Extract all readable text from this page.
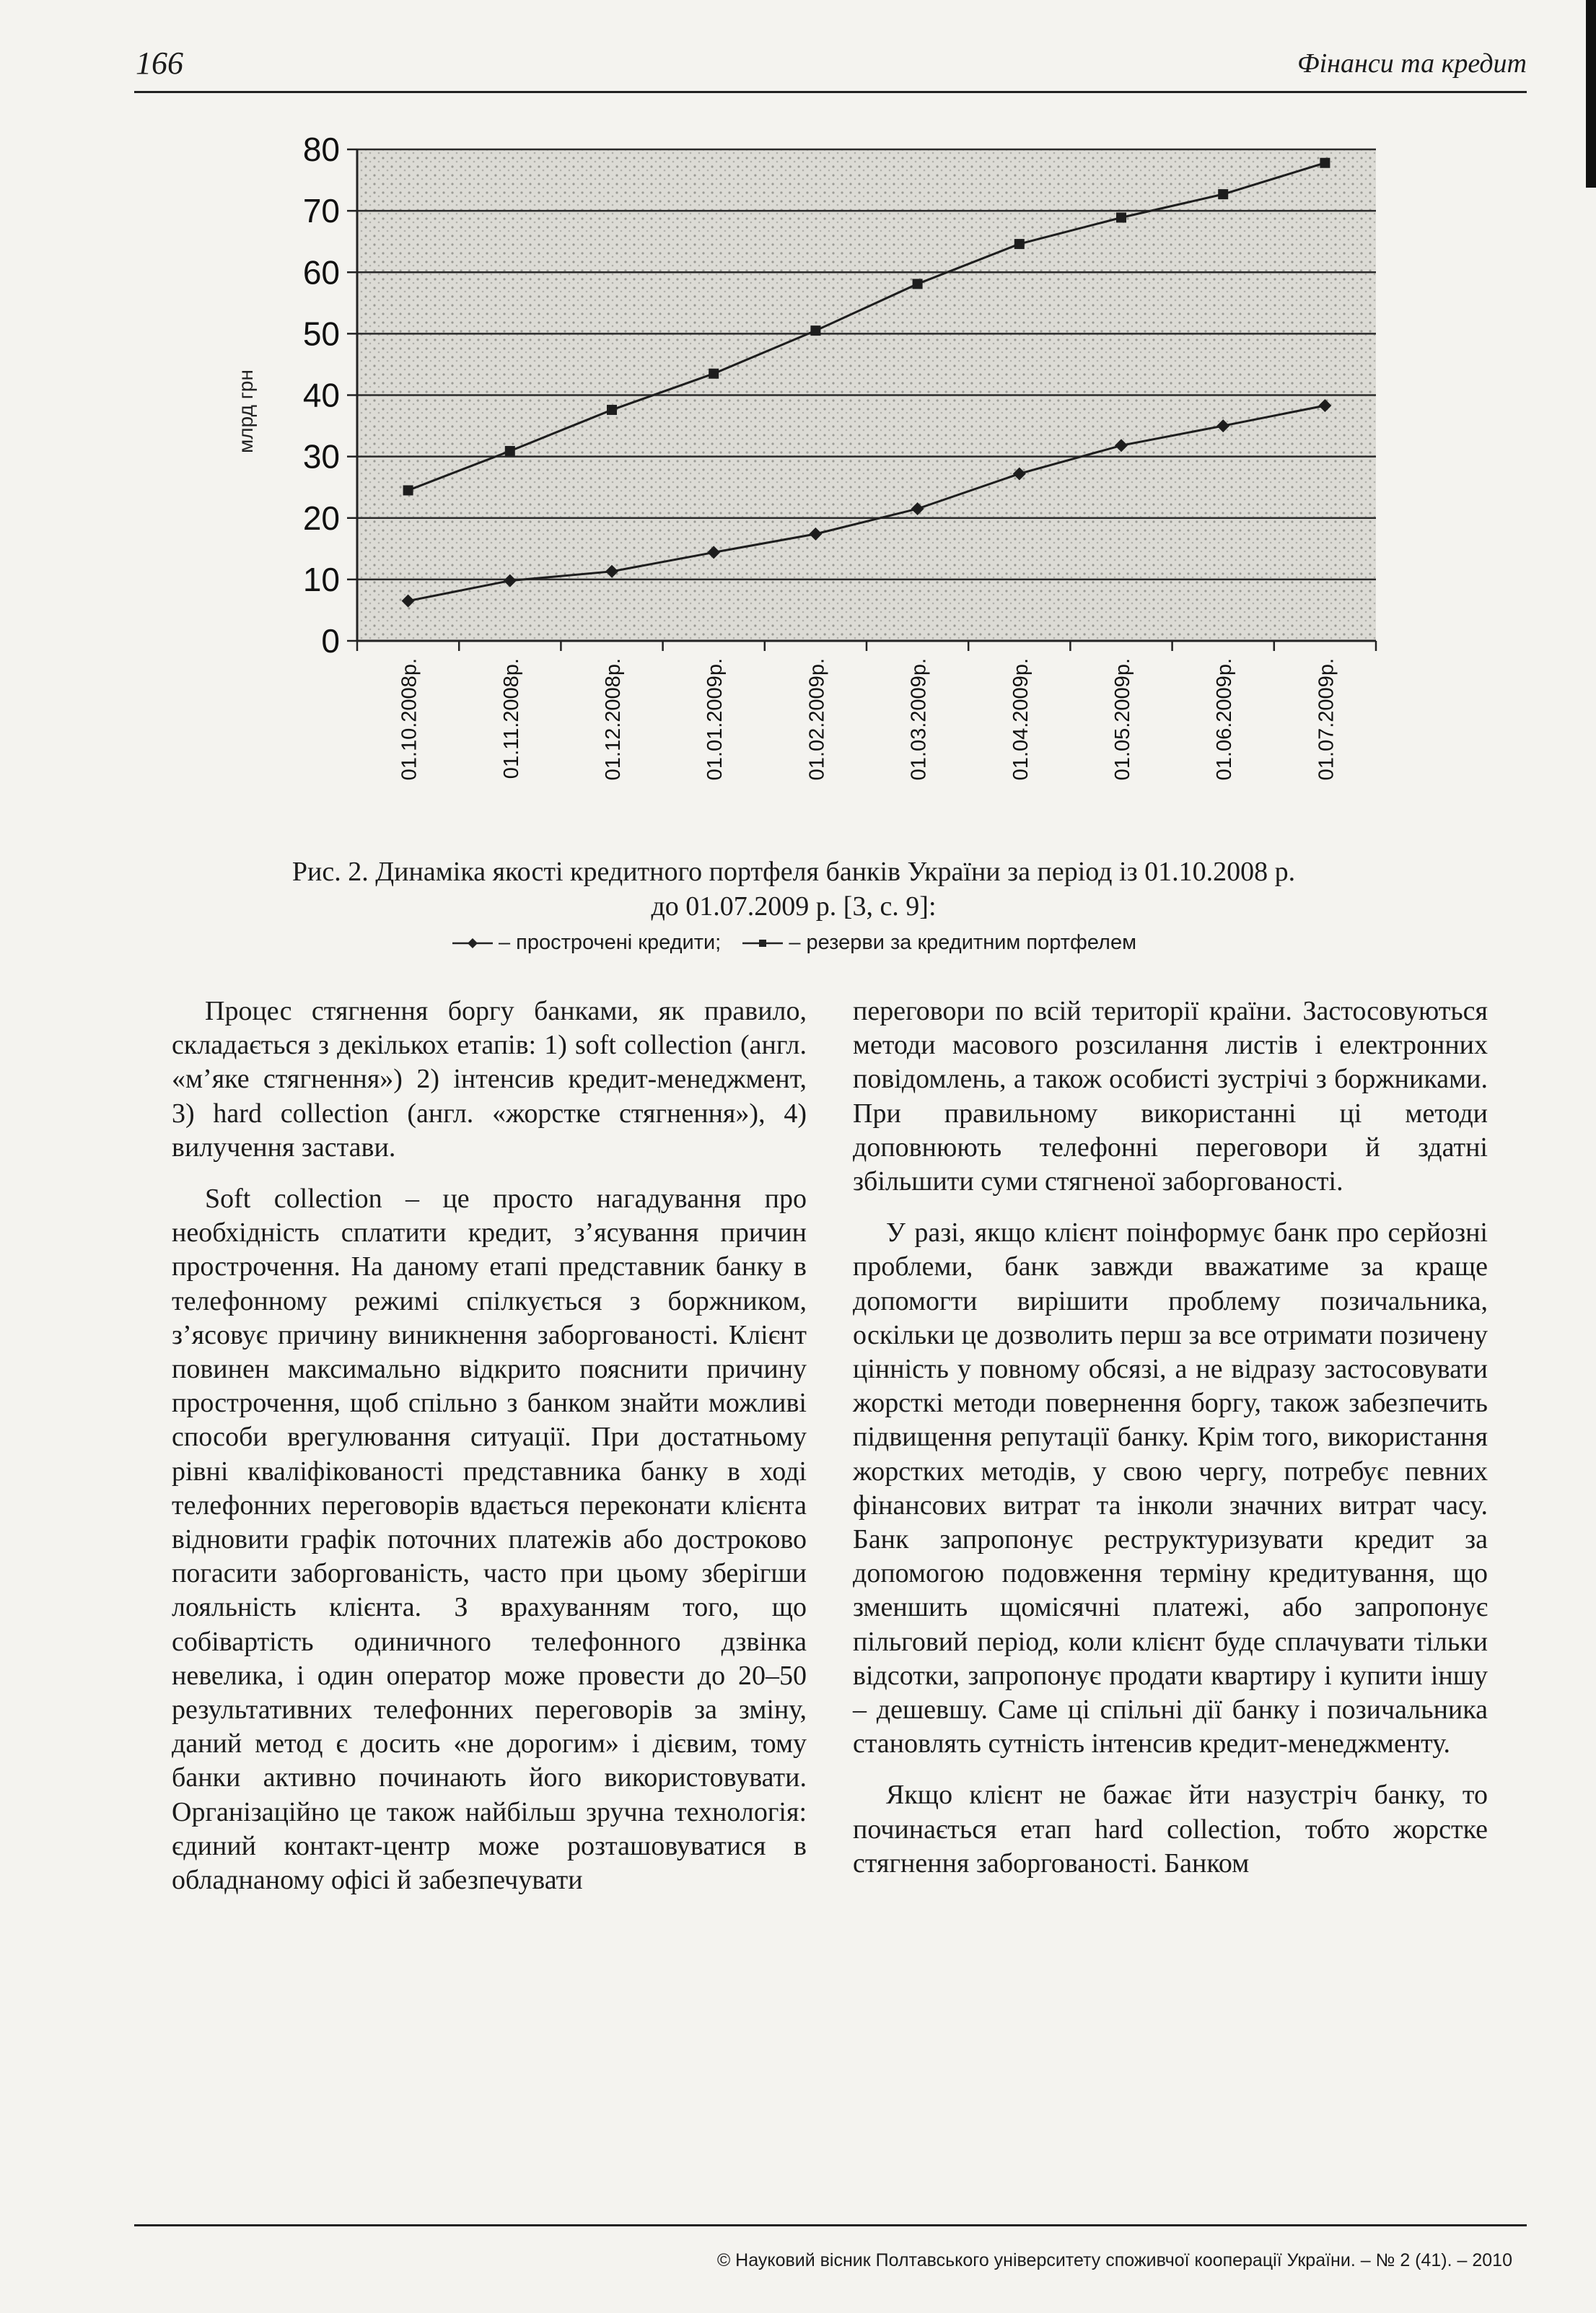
166	Фінанси та кредит
0
10
20
30
40
50
60
70
80
01.10.2008р.	01.11.2008р.	01.12.2008р.	01.01.2009р.	01.02.2009р.	01.03.2009р.	01.04.2009р.	01.05.2009р.	01.06.2009р.	01.07.2009р.
млрд грн
Рис. 2. Динаміка якості кредитного портфеля банків України за період із 01.10.2008 р.
до 01.07.2009 р. [3, с. 9]:
– прострочені кредити;	– резерви за кредитним портфелем

Процес стягнення боргу банками, як правило, складається з декількох етапів: 1) soft collection (англ. «м’яке стягнення») 2) інтенсив кредит-менеджмент, 3) hard collection (англ. «жорстке стягнення»), 4) вилучення застави.

Soft collection – це просто нагадування про необхідність сплатити кредит, з’ясування причин прострочення. На даному етапі представник банку в телефонному режимі спілкується з боржником, з’ясовує причину виникнення заборгованості. Клієнт повинен максимально відкрито пояснити причину прострочення, щоб спільно з банком знайти можливі способи врегулювання ситуації. При достатньому рівні кваліфікованості представника банку в ході телефонних переговорів вдається переконати клієнта відновити графік поточних платежів або достроково погасити заборгованість, часто при цьому зберігши лояльність клієнта. З врахуванням того, що собівартість одиничного телефонного дзвінка невелика, і один оператор може провести до 20–50 результативних телефонних переговорів за зміну, даний метод є досить «не дорогим» і дієвим, тому банки активно починають його використовувати. Організаційно це також найбільш зручна технологія: єдиний контакт-центр може розташовуватися в обладнаному офісі й забезпечувати

переговори по всій території країни. Застосовуються методи масового розсилання листів і електронних повідомлень, а також особисті зустрічі з боржниками. При правильному використанні ці методи доповнюють телефонні переговори й здатні збільшити суми стягненої заборгованості.

У разі, якщо клієнт поінформує банк про серйозні проблеми, банк завжди вважатиме за краще допомогти вирішити проблему позичальника, оскільки це дозволить перш за все отримати позичену цінність у повному обсязі, а не відразу застосовувати жорсткі методи повернення боргу, також забезпечить підвищення репутації банку. Крім того, використання жорстких методів, у свою чергу, потребує певних фінансових витрат та інколи значних витрат часу. Банк запропонує реструктуризувати кредит за допомогою подовження терміну кредитування, що зменшить щомісячні платежі, або запропонує пільговий період, коли клієнт буде сплачувати тільки відсотки, запропонує продати квартиру і купити іншу – дешевшу. Саме ці спільні дії банку і позичальника становлять сутність інтенсив кредит-менеджменту.

Якщо клієнт не бажає йти назустріч банку, то починається етап hard collection, тобто жорстке стягнення заборгованості. Банком

© Науковий вісник Полтавського університету споживчої кооперації України. – № 2 (41). – 2010
